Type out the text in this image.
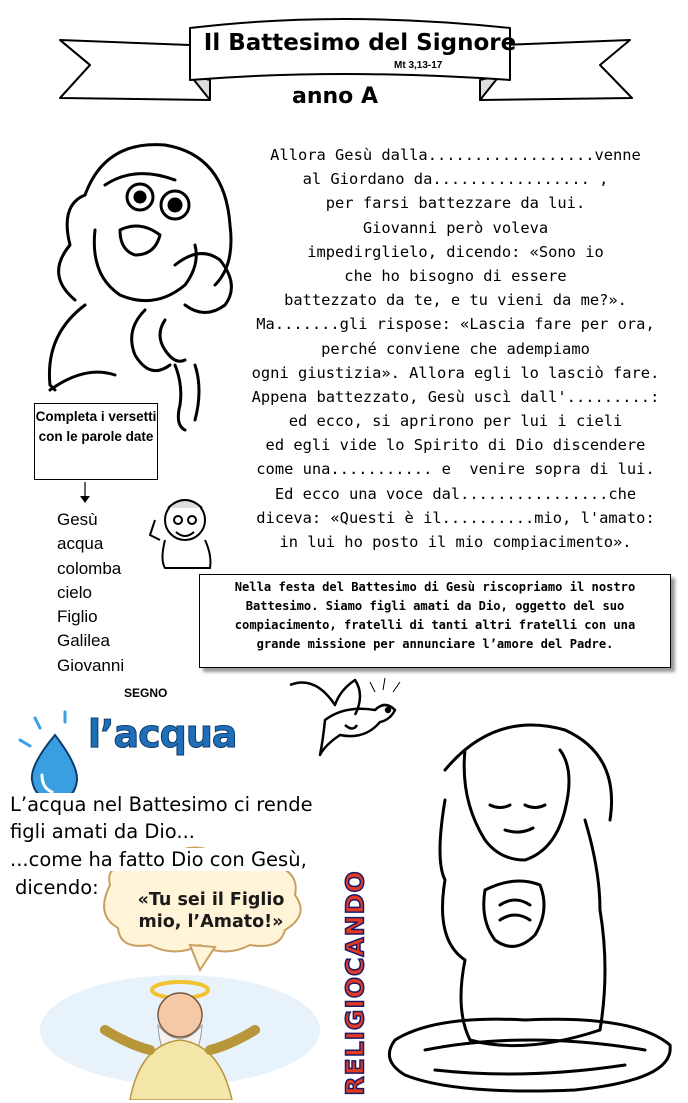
Il Battesimo del Signore
Mt 3,13-17
anno A
Allora Gesù dalla..................venne
al Giordano da................. ,
per farsi battezzare da lui.
Giovanni però voleva
impedirglielo, dicendo: «Sono io
che ho bisogno di essere
battezzato da te, e tu vieni da me?».
Ma.......gli rispose: «Lascia fare per ora,
perché conviene che adempiamo
ogni giustizia». Allora egli lo lasciò fare.
Appena battezzato, Gesù uscì dall'.........:
ed ecco, si aprirono per lui i cieli
ed egli vide lo Spirito di Dio discendere
come una........... e  venire sopra di lui.
Ed ecco una voce dal................che
diceva: «Questi è il..........mio, l'amato:
in lui ho posto il mio compiacimento».
Completa i versetti con le parole date
Gesù
acqua
colomba
cielo
Figlio
Galilea
Giovanni
Nella festa del Battesimo di Gesù riscopriamo il nostro
Battesimo. Siamo figli amati da Dio, oggetto del suo
compiacimento, fratelli di tanti altri fratelli con una
grande missione per annunciare l’amore del Padre.
SEGNO
l’acqua
L’acqua nel Battesimo ci rende
figli amati da Dio...
...come ha fatto Dio con Gesù,
dicendo:
«Tu sei il Figlio mio, l’Amato!»	RELIGIOCANDO
